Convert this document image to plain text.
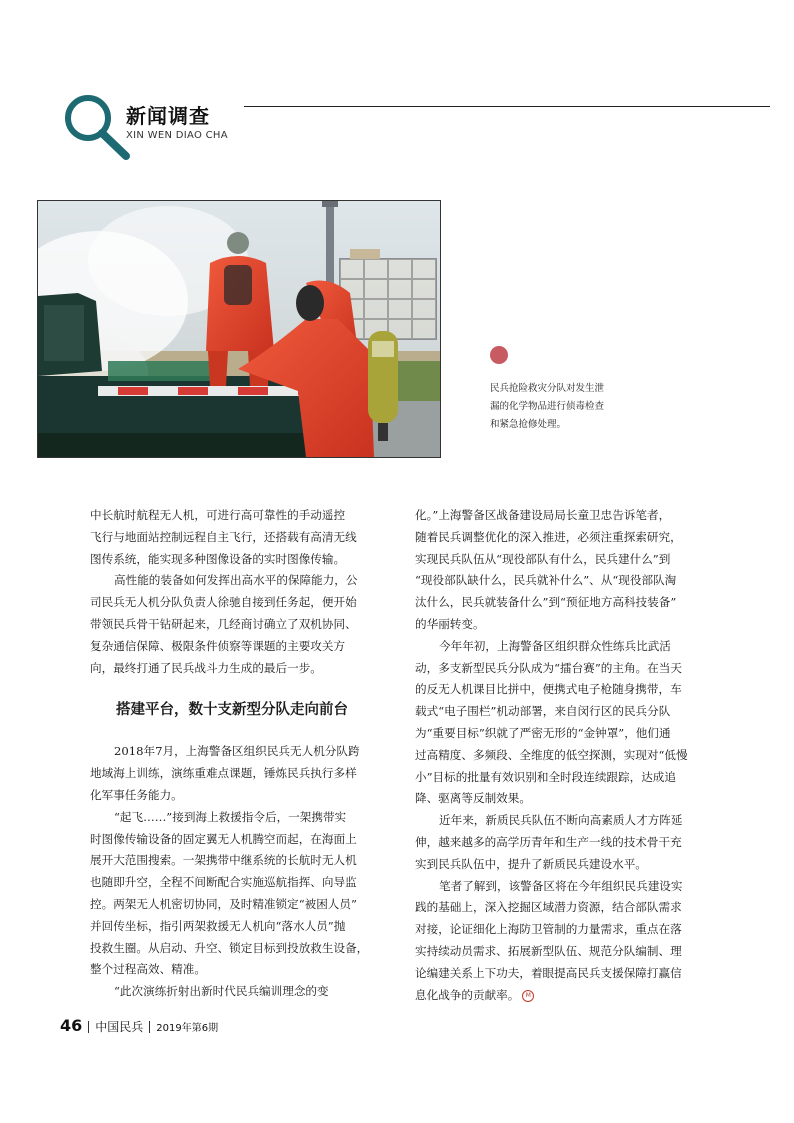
新闻调查
XIN WEN DIAO CHA
民兵抢险救灾分队对发生泄
漏的化学物品进行侦毒检查
和紧急抢修处理。
中长航时航程无人机，可进行高可靠性的手动遥控
飞行与地面站控制远程自主飞行，还搭载有高清无线
图传系统，能实现多种图像设备的实时图像传输。
高性能的装备如何发挥出高水平的保障能力，公
司民兵无人机分队负责人徐驰自接到任务起，便开始
带领民兵骨干钻研起来，几经商讨确立了双机协同、
复杂通信保障、极限条件侦察等课题的主要攻关方
向，最终打通了民兵战斗力生成的最后一步。
搭建平台，数十支新型分队走向前台
2018年7月，上海警备区组织民兵无人机分队跨
地域海上训练，演练重难点课题，锤炼民兵执行多样
化军事任务能力。
“起飞……”接到海上救援指令后，一架携带实
时图像传输设备的固定翼无人机腾空而起，在海面上
展开大范围搜索。一架携带中继系统的长航时无人机
也随即升空，全程不间断配合实施巡航指挥、向导监
控。两架无人机密切协同，及时精准锁定“被困人员”
并回传坐标，指引两架救援无人机向“落水人员”抛
投救生圈。从启动、升空、锁定目标到投放救生设备，
整个过程高效、精准。
“此次演练折射出新时代民兵编训理念的变
化。”上海警备区战备建设局局长童卫忠告诉笔者，
随着民兵调整优化的深入推进，必须注重探索研究，
实现民兵队伍从“现役部队有什么，民兵建什么”到
“现役部队缺什么，民兵就补什么”、从“现役部队淘
汰什么，民兵就装备什么”到“预征地方高科技装备”
的华丽转变。
今年年初，上海警备区组织群众性练兵比武活
动，多支新型民兵分队成为“擂台赛”的主角。在当天
的反无人机课目比拼中，便携式电子枪随身携带，车
载式“电子围栏”机动部署，来自闵行区的民兵分队
为“重要目标”织就了严密无形的“金钟罩”，他们通
过高精度、多频段、全维度的低空探测，实现对“低慢
小”目标的批量有效识别和全时段连续跟踪，达成追
降、驱离等反制效果。
近年来，新质民兵队伍不断向高素质人才方阵延
伸，越来越多的高学历青年和生产一线的技术骨干充
实到民兵队伍中，提升了新质民兵建设水平。
笔者了解到，该警备区将在今年组织民兵建设实
践的基础上，深入挖掘区域潜力资源，结合部队需求
对接，论证细化上海防卫管制的力量需求，重点在落
实持续动员需求、拓展新型队伍、规范分队编制、理
论编建关系上下功夫，着眼提高民兵支援保障打赢信
息化战争的贡献率。 M
46 中国民兵 2019年第6期
